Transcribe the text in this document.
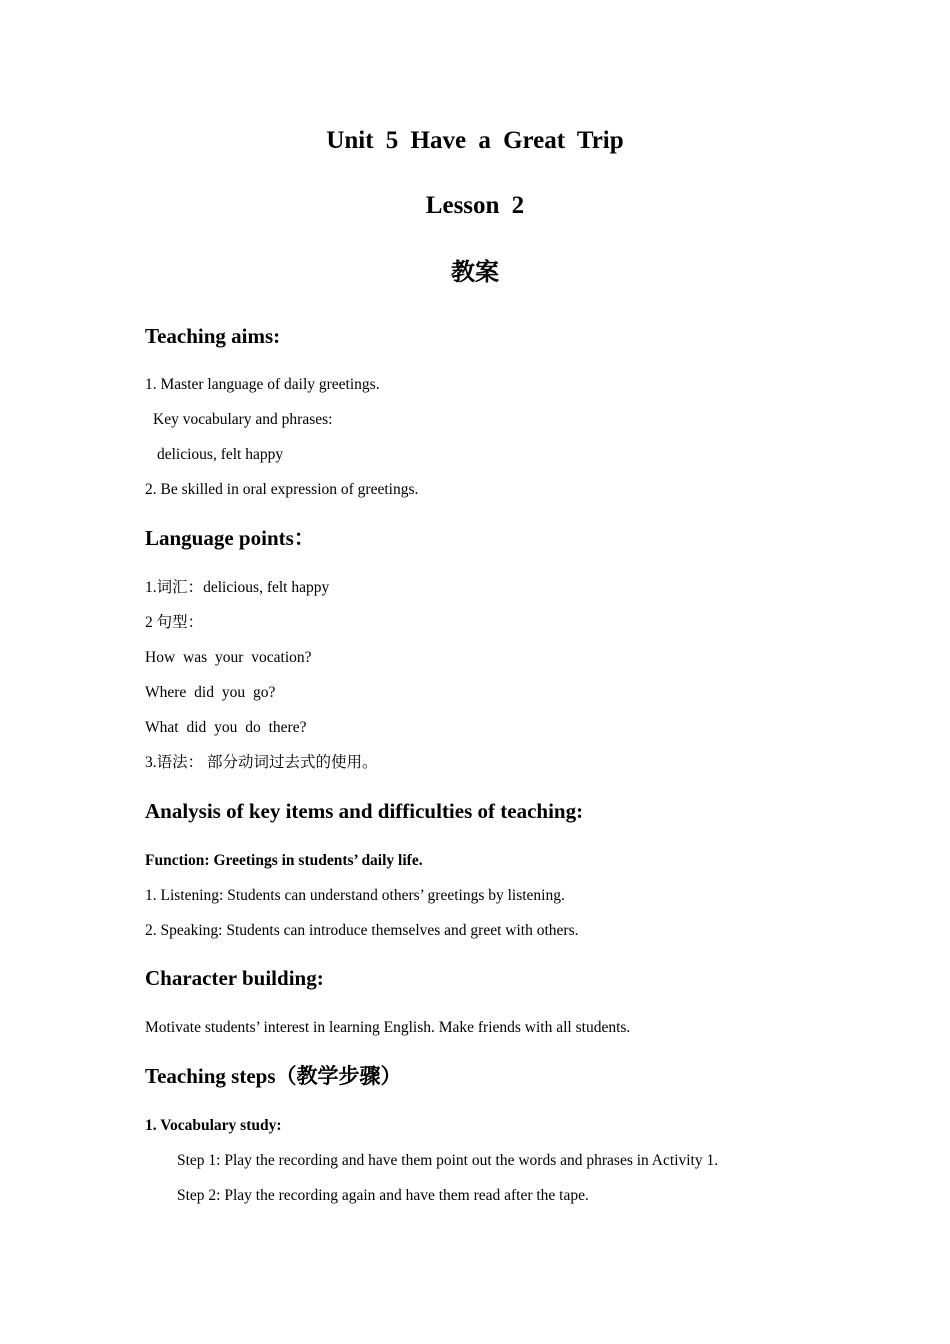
Unit 5 Have a Great Trip
Lesson 2
教案
Teaching aims:
1. Master language of daily greetings.
Key vocabulary and phrases:
delicious, felt happy
2. Be skilled in oral expression of greetings.
Language points：
1.词汇：delicious, felt happy
2 句型：
How was your vocation?
Where did you go?
What did you do there?
3.语法： 部分动词过去式的使用。
Analysis of key items and difficulties of teaching:
Function: Greetings in students’ daily life.
1. Listening: Students can understand others’ greetings by listening.
2. Speaking: Students can introduce themselves and greet with others.
Character building:
Motivate students’ interest in learning English. Make friends with all students.
Teaching steps（教学步骤）
1. Vocabulary study:
Step 1: Play the recording and have them point out the words and phrases in Activity 1.
Step 2: Play the recording again and have them read after the tape.
